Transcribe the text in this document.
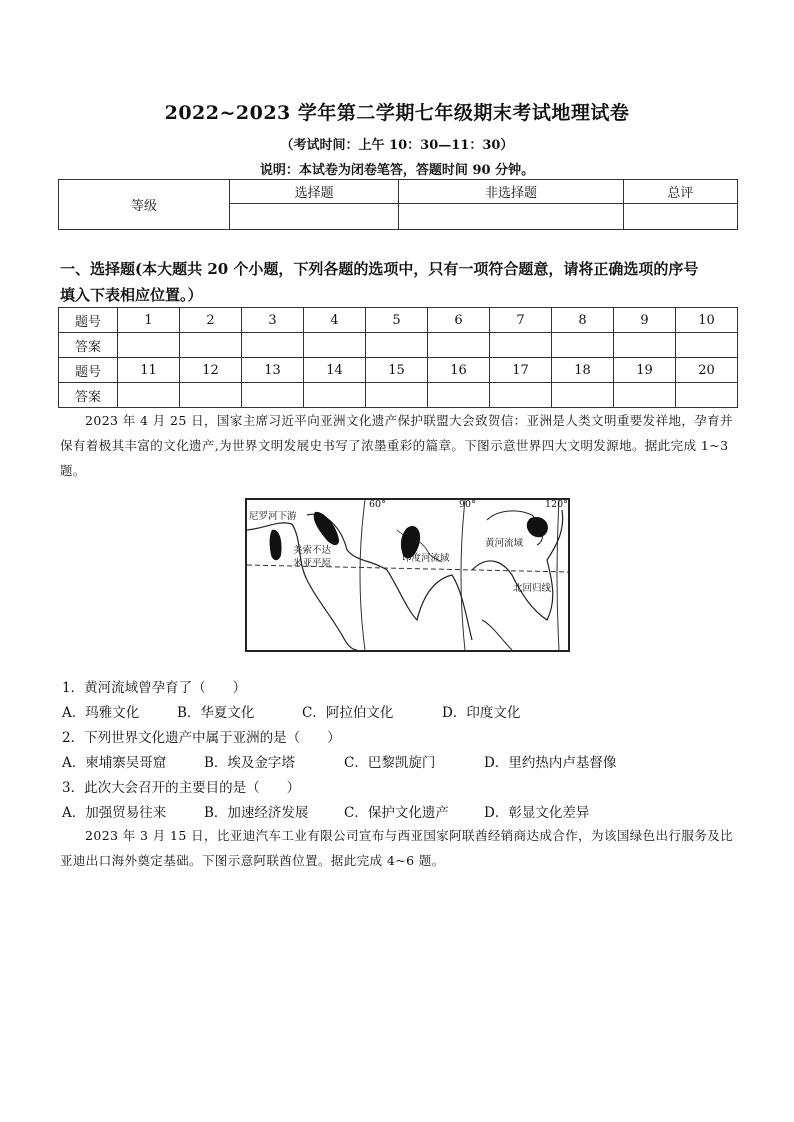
2022~2023 学年第二学期七年级期末考试地理试卷
（考试时间：上午 10：30—11：30）
说明：本试卷为闭卷笔答，答题时间 90 分钟。
等级	选择题	非选择题	总评

一、选择题(本大题共 20 个小题，下列各题的选项中，只有一项符合题意，请将正确选项的序号
填入下表相应位置。）
题号	1	2	3	4	5	6	7	8	9	10
答案										
题号	11	12	13	14	15	16	17	18	19	20
答案										
2023 年 4 月 25 日，国家主席习近平向亚洲文化遗产保护联盟大会致贺信：亚洲是人类文明重要发祥地，孕育并保有着极其丰富的文化遗产,为世界文明发展史书写了浓墨重彩的篇章。下图示意世界四大文明发源地。据此完成 1~3 题。
尼罗河下游
美索不达
米亚平原	印度河流域
黄河流域
北回归线
60°	90°	120°
1．黄河流域曾孕育了（　　）
A．玛雅文化	B．华夏文化	C．阿拉伯文化	D．印度文化
2．下列世界文化遗产中属于亚洲的是（　　）
A．柬埔寨吴哥窟	B．埃及金字塔	C．巴黎凯旋门	D．里约热内卢基督像
3．此次大会召开的主要目的是（　　）
A．加强贸易往来	B．加速经济发展	C．保护文化遗产	D．彰显文化差异
2023 年 3 月 15 日，比亚迪汽车工业有限公司宣布与西亚国家阿联酋经销商达成合作，为该国绿色出行服务及比亚迪出口海外奠定基础。下图示意阿联酋位置。据此完成 4~6 题。
